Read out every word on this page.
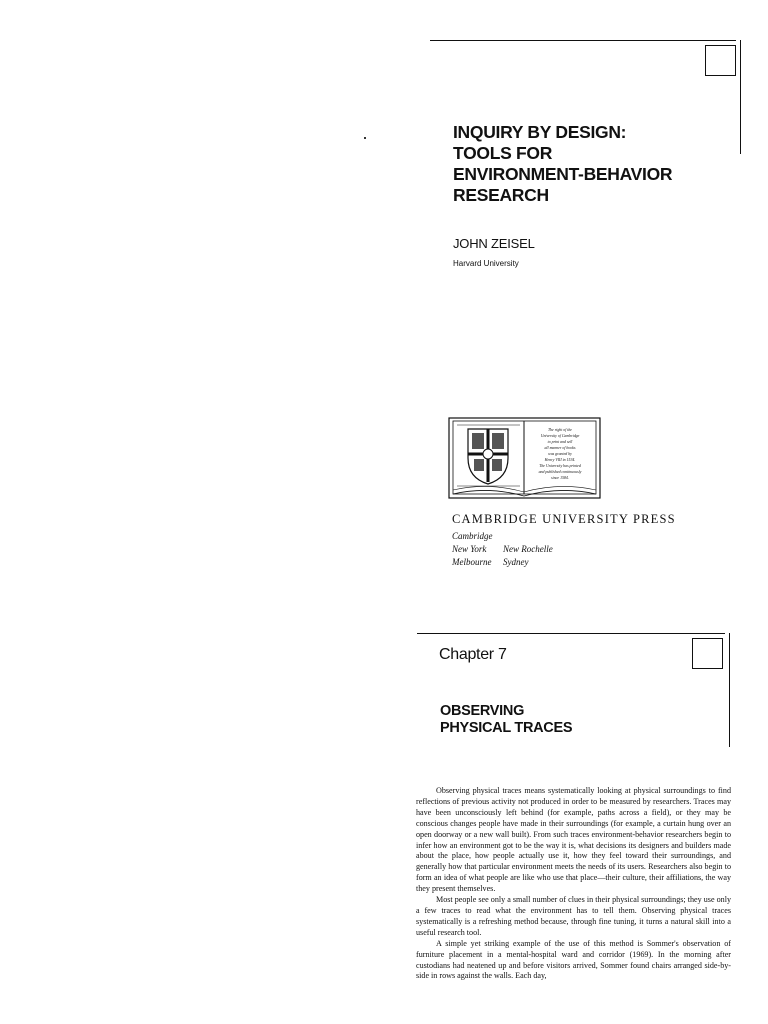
INQUIRY BY DESIGN:
TOOLS FOR
ENVIRONMENT-BEHAVIOR
RESEARCH
JOHN ZEISEL
Harvard University
The right of the
University of Cambridge
to print and sell
all manner of books
was granted by
Henry VIII in 1534.
The University has printed
and published continuously
since 1584.
CAMBRIDGE UNIVERSITY PRESS
Cambridge
New York New Rochelle
Melbourne Sydney
Chapter 7
OBSERVING
PHYSICAL TRACES

Observing physical traces means systematically looking at physical surroundings to find reflections of previous activity not produced in order to be measured by researchers. Traces may have been unconsciously left behind (for example, paths across a field), or they may be conscious changes people have made in their surroundings (for example, a curtain hung over an open doorway or a new wall built). From such traces environment-behavior researchers begin to infer how an environment got to be the way it is, what decisions its designers and builders made about the place, how people actually use it, how they feel toward their surroundings, and generally how that particular environment meets the needs of its users. Researchers also begin to form an idea of what people are like who use that place—their culture, their affiliations, the way they present themselves.

Most people see only a small number of clues in their physical surroundings; they use only a few traces to read what the environment has to tell them. Observing physical traces systematically is a refreshing method because, through fine tuning, it turns a natural skill into a useful research tool.

A simple yet striking example of the use of this method is Sommer's observation of furniture placement in a mental-hospital ward and corridor (1969). In the morning after custodians had neatened up and before visitors arrived, Sommer found chairs arranged side-by-side in rows against the walls. Each day,
